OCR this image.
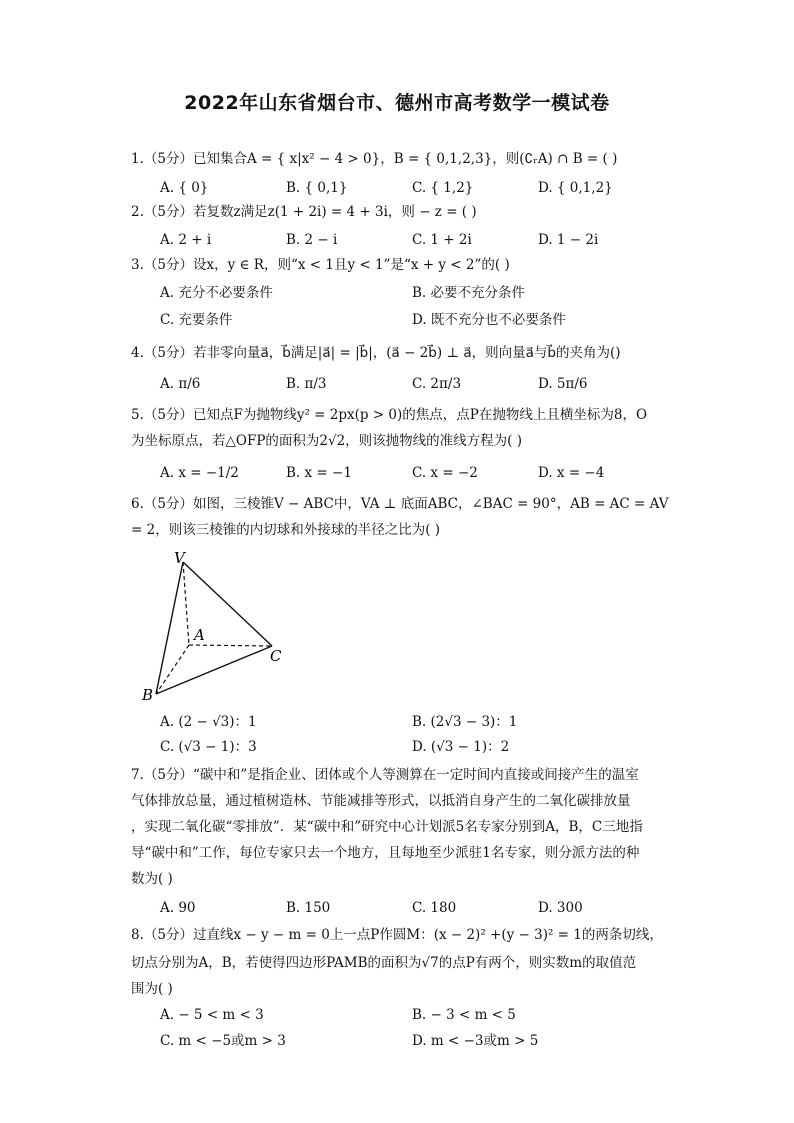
2022年山东省烟台市、德州市高考数学一模试卷
1.（5分）已知集合A = { x|x² − 4 > 0}，B = { 0,1,2,3}，则(∁ᵣA) ∩ B = ( )
A. { 0}	B. { 0,1}	C. { 1,2}	D. { 0,1,2}
2.（5分）若复数z满足z(1 + 2i) = 4 + 3i，则 − z = ( )
A. 2 + i	B. 2 − i	C. 1 + 2i	D. 1 − 2i
3.（5分）设x，y ∈ R，则“x < 1且y < 1”是“x + y < 2”的( )
A. 充分不必要条件	B. 必要不充分条件
C. 充要条件	D. 既不充分也不必要条件
4.（5分）若非零向量a⃗，b⃗满足|a⃗| = |b⃗|，(a⃗ − 2b⃗) ⊥ a⃗，则向量a⃗与b⃗的夹角为()
A. π/6	B. π/3	C. 2π/3	D. 5π/6
5.（5分）已知点F为抛物线y² = 2px(p > 0)的焦点，点P在抛物线上且横坐标为8，O
为坐标原点，若△OFP的面积为2√2，则该抛物线的准线方程为( )
A. x = −1/2	B. x = −1	C. x = −2	D. x = −4
6.（5分）如图，三棱锥V − ABC中，VA ⊥ 底面ABC，∠BAC = 90°，AB = AC = AV
= 2，则该三棱锥的内切球和外接球的半径之比为( )
V
A
C
B
A. (2 − √3)：1	B. (2√3 − 3)：1
C. (√3 − 1)：3	D. (√3 − 1)：2
7.（5分）“碳中和”是指企业、团体或个人等测算在一定时间内直接或间接产生的温室
气体排放总量，通过植树造林、节能减排等形式，以抵消自身产生的二氧化碳排放量
，实现二氧化碳“零排放”．某“碳中和”研究中心计划派5名专家分别到A，B，C三地指
导“碳中和”工作，每位专家只去一个地方，且每地至少派驻1名专家，则分派方法的种
数为( )
A. 90	B. 150	C. 180	D. 300
8.（5分）过直线x − y − m = 0上一点P作圆M：(x − 2)² +(y − 3)² = 1的两条切线，
切点分别为A，B，若使得四边形PAMB的面积为√7的点P有两个，则实数m的取值范
围为( )
A. − 5 < m < 3	B. − 3 < m < 5
C. m < −5或m > 3	D. m < −3或m > 5
